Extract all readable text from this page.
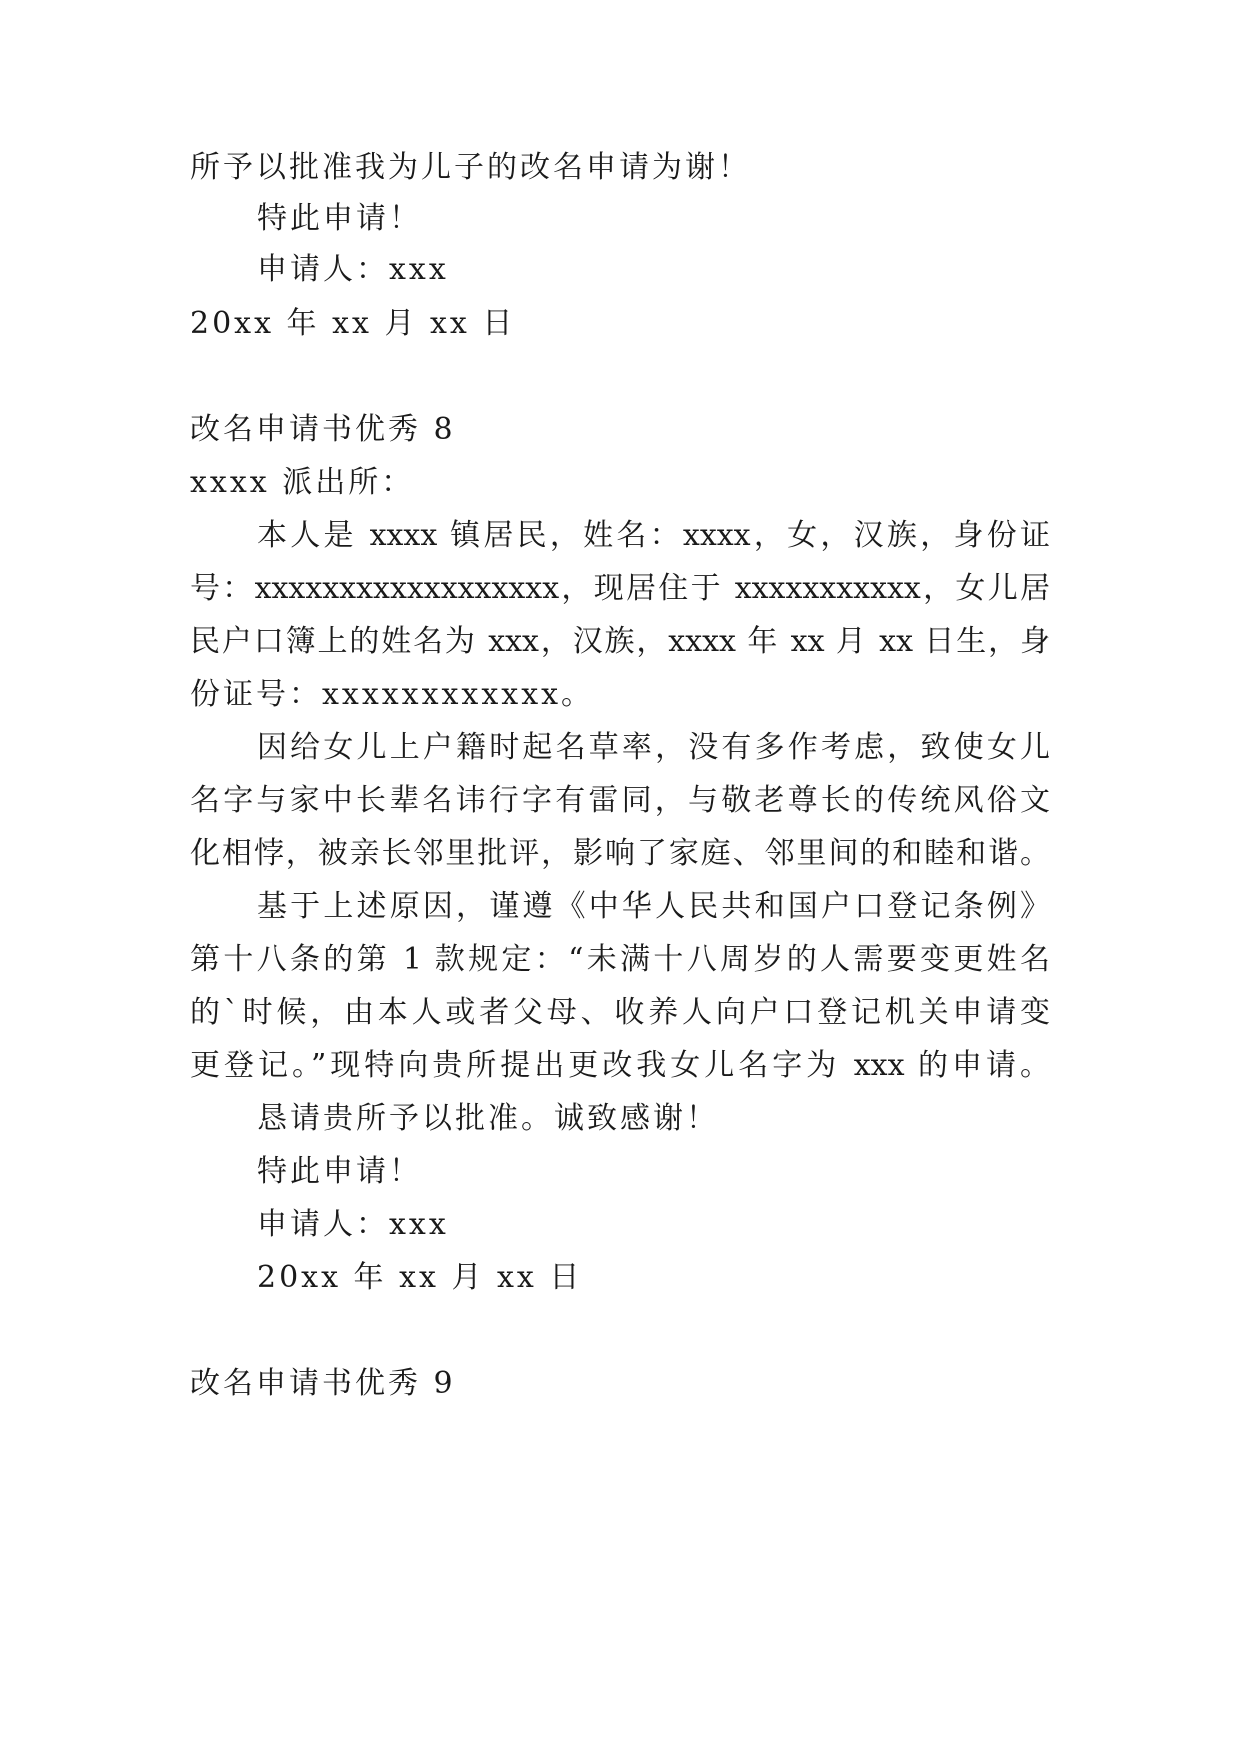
所予以批准我为儿子的改名申请为谢！
特此申请！
申请人：xxx
20xx 年 xx 月 xx 日
改名申请书优秀 8
xxxx 派出所：
本人是 xxxx 镇居民，姓名：xxxx，女，汉族，身份证
号：xxxxxxxxxxxxxxxxxx，现居住于 xxxxxxxxxxx，女儿居
民户口簿上的姓名为 xxx，汉族，xxxx 年 xx 月 xx 日生，身
份证号：xxxxxxxxxxxx。
因给女儿上户籍时起名草率，没有多作考虑，致使女儿
名字与家中长辈名讳行字有雷同，与敬老尊长的传统风俗文
化相悖，被亲长邻里批评，影响了家庭、邻里间的和睦和谐。
基于上述原因，谨遵《中华人民共和国户口登记条例》
第十八条的第 1 款规定：“未满十八周岁的人需要变更姓名
的`时候，由本人或者父母、收养人向户口登记机关申请变
更登记。”现特向贵所提出更改我女儿名字为 xxx 的申请。
恳请贵所予以批准。诚致感谢！
特此申请！
申请人：xxx
20xx 年 xx 月 xx 日
改名申请书优秀 9
